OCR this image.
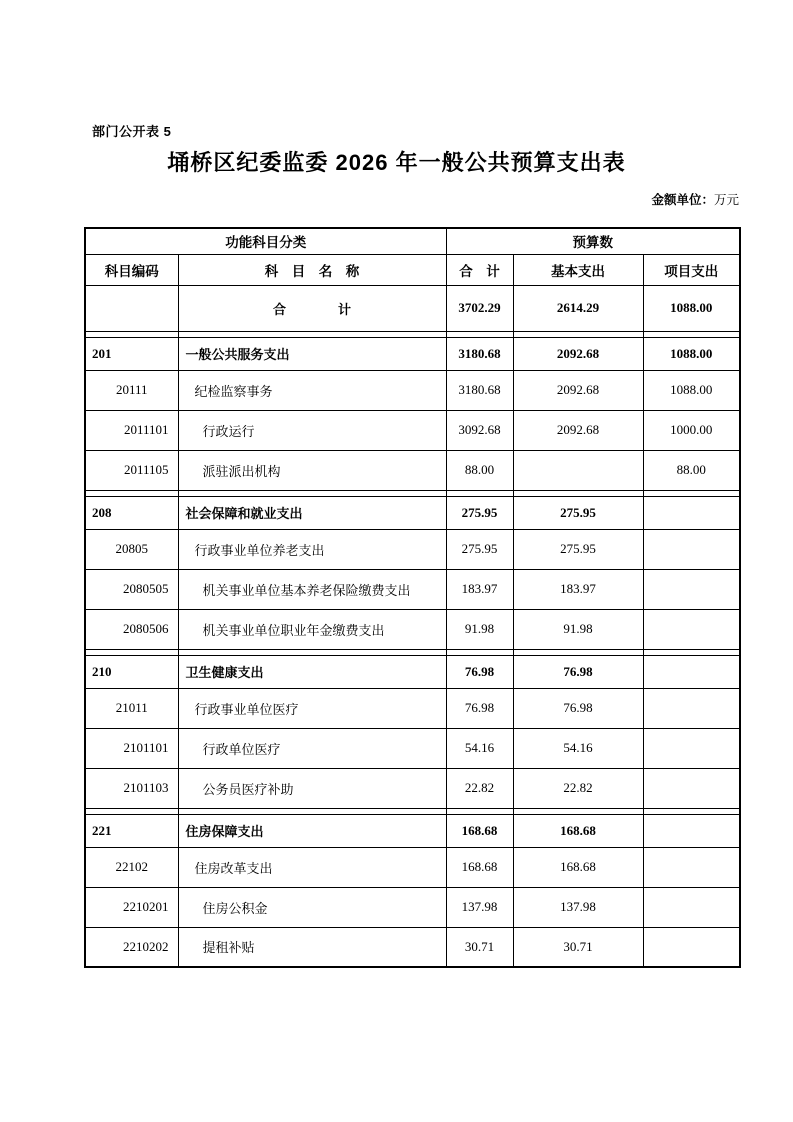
部门公开表 5
埇桥区纪委监委 2026 年一般公共预算支出表
金额单位：万元
功能科目分类		预算数		
科目编码	科　目　名　称	合　计	基本支出	项目支出
	合　　　　计	3702.29	2614.29	1088.00

201	一般公共服务支出	3180.68	2092.68	1088.00
20111	纪检监察事务	3180.68	2092.68	1088.00
2011101	行政运行	3092.68	2092.68	1000.00
2011105	派驻派出机构	88.00		88.00

208	社会保障和就业支出	275.95	275.95	
20805	行政事业单位养老支出	275.95	275.95	
2080505	机关事业单位基本养老保险缴费支出	183.97	183.97	
2080506	机关事业单位职业年金缴费支出	91.98	91.98	

210	卫生健康支出	76.98	76.98	
21011	行政事业单位医疗	76.98	76.98	
2101101	行政单位医疗	54.16	54.16	
2101103	公务员医疗补助	22.82	22.82	

221	住房保障支出	168.68	168.68	
22102	住房改革支出	168.68	168.68	
2210201	住房公积金	137.98	137.98	
2210202	提租补贴	30.71	30.71	
